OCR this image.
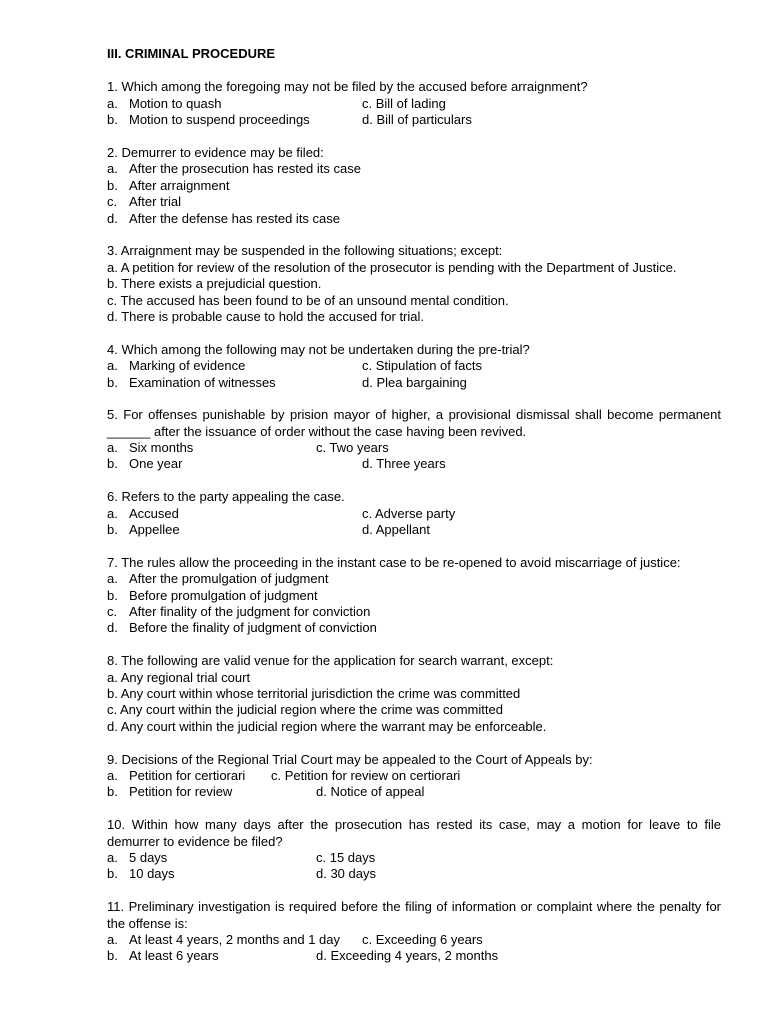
III. CRIMINAL PROCEDURE
1. Which among the foregoing may not be filed by the accused before arraignment?
a. Motion to quash	c. Bill of lading
b. Motion to suspend proceedings	d. Bill of particulars
2. Demurrer to evidence may be filed:
a. After the prosecution has rested its case
b. After arraignment
c. After trial
d. After the defense has rested its case
3. Arraignment may be suspended in the following situations; except:
a. A petition for review of the resolution of the prosecutor is pending with the Department of Justice.
b. There exists a prejudicial question.
c. The accused has been found to be of an unsound mental condition.
d. There is probable cause to hold the accused for trial.
4. Which among the following may not be undertaken during the pre-trial?
a. Marking of evidence	c. Stipulation of facts
b. Examination of witnesses	d. Plea bargaining
5. For offenses punishable by prision mayor of higher, a provisional dismissal shall become permanent ______ after the issuance of order without the case having been revived.
a. Six months	c. Two years
b. One year	d. Three years
6. Refers to the party appealing the case.
a. Accused	c. Adverse party
b. Appellee	d. Appellant
7. The rules allow the proceeding in the instant case to be re-opened to avoid miscarriage of justice:
a. After the promulgation of judgment
b. Before promulgation of judgment
c. After finality of the judgment for conviction
d. Before the finality of judgment of conviction
8. The following are valid venue for the application for search warrant, except:
a. Any regional trial court
b. Any court within whose territorial jurisdiction the crime was committed
c. Any court within the judicial region where the crime was committed
d. Any court within the judicial region where the warrant may be enforceable.
9. Decisions of the Regional Trial Court may be appealed to the Court of Appeals by:
a. Petition for certiorari c. Petition for review on certiorari
b. Petition for review	d. Notice of appeal
10. Within how many days after the prosecution has rested its case, may a motion for leave to file demurrer to evidence be filed?
a. 5 days	c. 15 days
b. 10 days	d. 30 days
11. Preliminary investigation is required before the filing of information or complaint where the penalty for the offense is:
a. At least 4 years, 2 months and 1 day c. Exceeding 6 years
b. At least 6 years	d. Exceeding 4 years, 2 months
